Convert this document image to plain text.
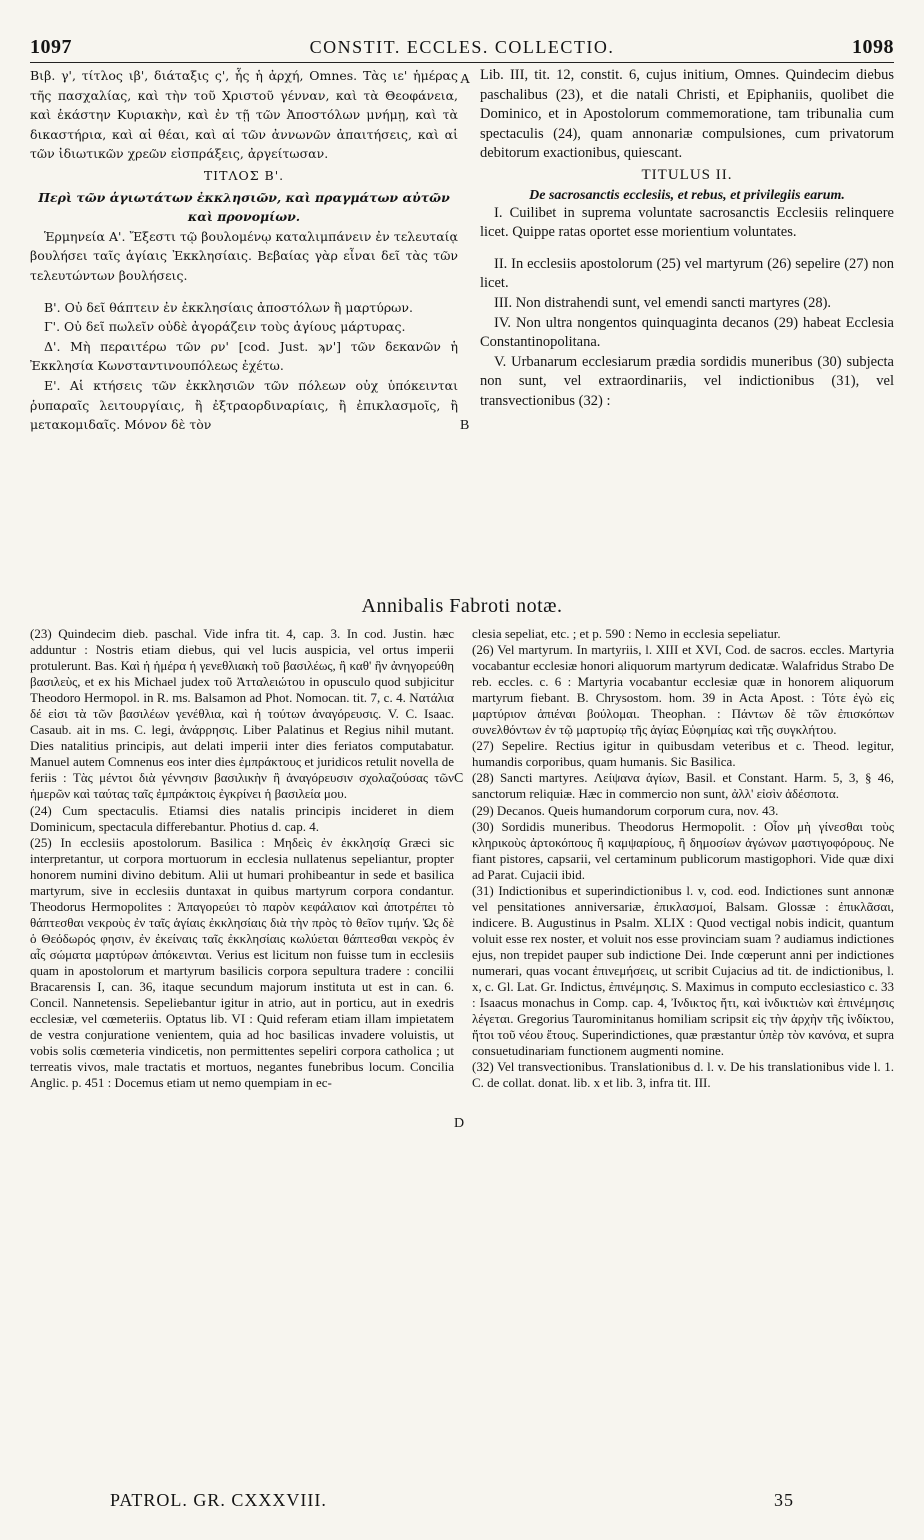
1097	CONSTIT. ECCLES. COLLECTIO.	1098

Βιβ. γ', τίτλος ιβ', διάταξις ς', ἧς ἡ ἀρχή, Omnes. Τὰς ιε' ἡμέρας τῆς πασχαλίας, καὶ τὴν τοῦ Χριστοῦ γένναν, καὶ τὰ Θεοφάνεια, καὶ ἑκάστην Κυριακὴν, καὶ ἐν τῇ τῶν Ἀποστόλων μνήμῃ, καὶ τὰ δικαστήρια, καὶ αἱ θέαι, καὶ αἱ τῶν ἀννωνῶν ἀπαιτήσεις, καὶ αἱ τῶν ἰδιωτικῶν χρεῶν εἰσπράξεις, ἀργείτωσαν.

ΤΙΤΛΟΣ Β'.

Περὶ τῶν ἁγιωτάτων ἐκκλησιῶν, καὶ πραγμάτων αὐτῶν καὶ προνομίων.

Ἑρμηνεία Α'. Ἔξεστι τῷ βουλομένῳ καταλιμπάνειν ἐν τελευταίᾳ βουλήσει ταῖς ἁγίαις Ἐκκλησίαις. Βεβαίας γὰρ εἶναι δεῖ τὰς τῶν τελευτώντων βουλήσεις.

Β'. Οὐ δεῖ θάπτειν ἐν ἐκκλησίαις ἀποστόλων ἢ μαρτύρων.

Γ'. Οὐ δεῖ πωλεῖν οὐδὲ ἀγοράζειν τοὺς ἁγίους μάρτυρας.

Δ'. Μὴ περαιτέρω τῶν ρν' [cod. Just. ϡν'] τῶν δεκανῶν ἡ Ἐκκλησία Κωνσταντινουπόλεως ἐχέτω.

Ε'. Αἱ κτήσεις τῶν ἐκκλησιῶν τῶν πόλεων οὐχ ὑπόκεινται ῥυπαραῖς λειτουργίαις, ἢ ἐξτραορδιναρίαις, ἢ ἐπικλασμοῖς, ἢ μετακομιδαῖς. Μόνον δὲ τὸν

A
B

Lib. III, tit. 12, constit. 6, cujus initium, Omnes. Quindecim diebus paschalibus (23), et die natali Christi, et Epiphaniis, quolibet die Dominico, et in Apostolorum commemoratione, tam tribunalia cum spectaculis (24), quam annonariæ compulsiones, cum privatorum debitorum exactionibus, quiescant.

TITULUS II.

De sacrosanctis ecclesiis, et rebus, et privilegiis earum.

I. Cuilibet in suprema voluntate sacrosanctis Ecclesiis relinquere licet. Quippe ratas oportet esse morientium voluntates.

II. In ecclesiis apostolorum (25) vel martyrum (26) sepelire (27) non licet.

III. Non distrahendi sunt, vel emendi sancti martyres (28).

IV. Non ultra nongentos quinquaginta decanos (29) habeat Ecclesia Constantinopolitana.

V. Urbanarum ecclesiarum prædia sordidis muneribus (30) subjecta non sunt, vel extraordinariis, vel indictionibus (31), vel transvectionibus (32) :

Annibalis Fabroti notæ.

(23) Quindecim dieb. paschal. Vide infra tit. 4, cap. 3. In cod. Justin. hæc adduntur : Nostris etiam diebus, qui vel lucis auspicia, vel ortus imperii protulerunt. Bas. Καὶ ἡ ἡμέρα ἡ γενεθλιακὴ τοῦ βασιλέως, ἢ καθ' ἣν ἀνηγορεύθη βασιλεὺς, et ex his Michael judex τοῦ Ἀτταλειώτου in opusculo quod subjicitur Theodoro Hermopol. in R. ms. Balsamon ad Phot. Nomocan. tit. 7, c. 4. Νατάλια δέ εἰσι τὰ τῶν βασιλέων γενέθλια, καὶ ἡ τούτων ἀναγόρευσις. V. C. Isaac. Casaub. ait in ms. C. legi, ἀνάρρησις. Liber Palatinus et Regius nihil mutant. Dies natalitius principis, aut delati imperii inter dies feriatos computabatur. Manuel autem Comnenus eos inter dies ἐμπράκτους et juridicos retulit novella de feriis : Τὰς μέντοι διὰ γέννησιν βασιλικὴν ἢ ἀναγόρευσιν σχολαζούσας τῶν ἡμερῶν καὶ ταύτας ταῖς ἐμπράκτοις ἐγκρίνει ἡ βασιλεία μου.

(24) Cum spectaculis. Etiamsi dies natalis principis incideret in diem Dominicum, spectacula differebantur. Photius d. cap. 4.

(25) In ecclesiis apostolorum. Basilica : Μηδεὶς ἐν ἐκκλησίᾳ Græci sic interpretantur, ut corpora mortuorum in ecclesia nullatenus sepeliantur, propter honorem numini divino debitum. Alii ut humari prohibeantur in sede et basilica martyrum, sive in ecclesiis duntaxat in quibus martyrum corpora condantur. Theodorus Hermopolites : Ἀπαγορεύει τὸ παρὸν κεφάλαιον καὶ ἀποτρέπει τὸ θάπτεσθαι νεκροὺς ἐν ταῖς ἁγίαις ἐκκλησίαις διὰ τὴν πρὸς τὸ θεῖον τιμήν. Ὡς δὲ ὁ Θεόδωρός φησιν, ἐν ἐκείναις ταῖς ἐκκλησίαις κωλύεται θάπτεσθαι νεκρὸς ἐν αἷς σώματα μαρτύρων ἀπόκεινται. Verius est licitum non fuisse tum in ecclesiis quam in apostolorum et martyrum basilicis corpora sepultura tradere : concilii Bracarensis I, can. 36, itaque secundum majorum instituta ut est in can. 6. Concil. Nannetensis. Sepeliebantur igitur in atrio, aut in porticu, aut in exedris ecclesiæ, vel cœmeteriis. Optatus lib. VI : Quid referam etiam illam impietatem de vestra conjuratione venientem, quia ad hoc basilicas invadere voluistis, ut vobis solis cœmeteria vindicetis, non permittentes sepeliri corpora catholica ; ut terreatis vivos, male tractatis et mortuos, negantes funebribus locum. Concilia Anglic. p. 451 : Docemus etiam ut nemo quempiam in ec-

C
D

clesia sepeliat, etc. ; et p. 590 : Nemo in ecclesia sepeliatur.

(26) Vel martyrum. In martyriis, l. XIII et XVI, Cod. de sacros. eccles. Martyria vocabantur ecclesiæ honori aliquorum martyrum dedicatæ. Walafridus Strabo De reb. eccles. c. 6 : Martyria vocabantur ecclesiæ quæ in honorem aliquorum martyrum fiebant. B. Chrysostom. hom. 39 in Acta Apost. : Τότε ἐγὼ εἰς μαρτύριον ἀπιέναι βούλομαι. Theophan. : Πάντων δὲ τῶν ἐπισκόπων συνελθόντων ἐν τῷ μαρτυρίῳ τῆς ἁγίας Εὐφημίας καὶ τῆς συγκλήτου.

(27) Sepelire. Rectius igitur in quibusdam veteribus et c. Theod. legitur, humandis corporibus, quam humanis. Sic Basilica.

(28) Sancti martyres. Λείψανα ἁγίων, Basil. et Constant. Harm. 5, 3, § 46, sanctorum reliquiæ. Hæc in commercio non sunt, ἀλλ' εἰσὶν ἀδέσποτα.

(29) Decanos. Queis humandorum corporum cura, nov. 43.

(30) Sordidis muneribus. Theodorus Hermopolit. : Οἷον μὴ γίνεσθαι τοὺς κληρικοὺς ἀρτοκόπους ἢ καμψαρίους, ἢ δημοσίων ἀγώνων μαστιγοφόρους. Ne fiant pistores, capsarii, vel certaminum publicorum mastigophori. Vide quæ dixi ad Parat. Cujacii ibid.

(31) Indictionibus et superindictionibus l. v, cod. eod. Indictiones sunt annonæ vel pensitationes anniversariæ, ἐπικλασμοί, Balsam. Glossæ : ἐπικλᾶσαι, indicere. B. Augustinus in Psalm. XLIX : Quod vectigal nobis indicit, quantum voluit esse rex noster, et voluit nos esse provinciam suam ? audiamus indictiones ejus, non trepidet pauper sub indictione Dei. Inde cœperunt anni per indictiones numerari, quas vocant ἐπινεμήσεις, ut scribit Cujacius ad tit. de indictionibus, l. x, c. Gl. Lat. Gr. Indictus, ἐπινέμησις. S. Maximus in computo ecclesiastico c. 33 : Isaacus monachus in Comp. cap. 4, Ἰνδικτος ἤτι, καὶ ἰνδικτιὼν καὶ ἐπινέμησις λέγεται. Gregorius Taurominitanus homiliam scripsit εἰς τὴν ἀρχὴν τῆς ἰνδίκτου, ἤτοι τοῦ νέου ἔτους. Superindictiones, quæ præstantur ὑπὲρ τὸν κανόνα, et supra consuetudinariam functionem augmenti nomine.

(32) Vel transvectionibus. Translationibus d. l. v. De his translationibus vide l. 1. C. de collat. donat. lib. x et lib. 3, infra tit. III.

PATROL. GR. CXXXVIII.	35
